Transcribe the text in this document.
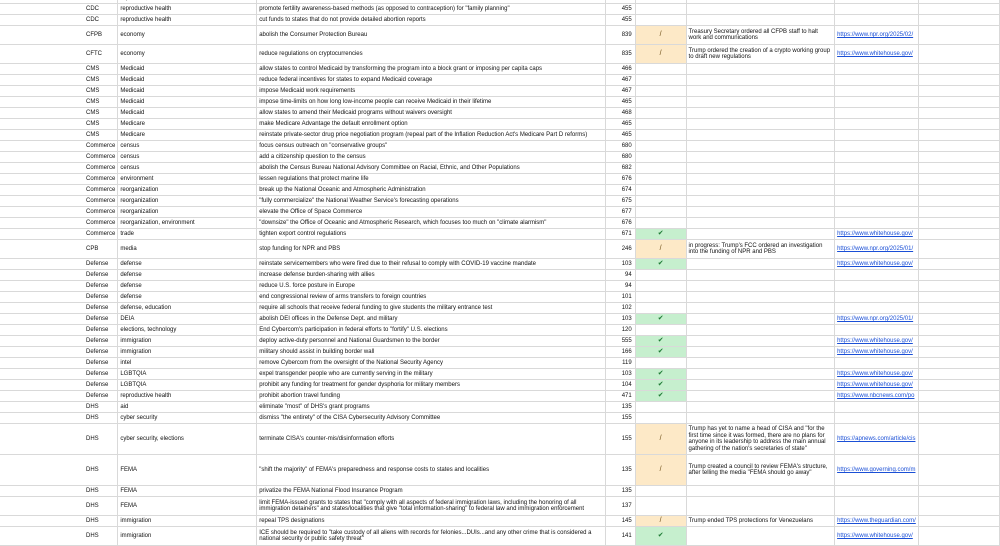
CDC	reproductive health	promote fertility awareness-based methods (as opposed to contraception) for "family planning"	455				
CDC	reproductive health	cut funds to states that do not provide detailed abortion reports	455				
CFPB	economy	abolish the Consumer Protection Bureau	839	/	Treasury Secretary ordered all CFPB staff to halt work and communications	https://www.npr.org/2025/02/	
CFTC	economy	reduce regulations on cryptocurrencies	835	/	Trump ordered the creation of a crypto working group to draft new regulations	https://www.whitehouse.gov/	
CMS	Medicaid	allow states to control Medicaid by transforming the program into a block grant or imposing per capita caps	466				
CMS	Medicaid	reduce federal incentives for states to expand Medicaid coverage	467				
CMS	Medicaid	impose Medicaid work requirements	467				
CMS	Medicaid	impose time-limits on how long low-income people can receive Medicaid in their lifetime	465				
CMS	Medicaid	allow states to amend their Medicaid programs without waivers oversight	468				
CMS	Medicare	make Medicare Advantage the default enrollment option	465				
CMS	Medicare	reinstate private-sector drug price negotiation program (repeal part of the Inflation Reduction Act's Medicare Part D reforms)	465				
Commerce	census	focus census outreach on "conservative groups"	680				
Commerce	census	add a citizenship question to the census	680				
Commerce	census	abolish the Census Bureau National Advisory Committee on Racial, Ethnic, and Other Populations	682				
Commerce	environment	lessen regulations that protect marine life	676				
Commerce	reorganization	break up the National Oceanic and Atmospheric Administration	674				
Commerce	reorganization	"fully commercialize" the National Weather Service's forecasting operations	675				
Commerce	reorganization	elevate the Office of Space Commerce	677				
Commerce	reorganization, environment	"downsize" the Office of Oceanic and Atmospheric Research, which focuses too much on "climate alarmism"	676				
Commerce	trade	tighten export control regulations	671	✔		https://www.whitehouse.gov/	
CPB	media	stop funding for NPR and PBS	246	/	in progress: Trump's FCC ordered an investigation into the funding of NPR and PBS	https://www.npr.org/2025/01/	
Defense	defense	reinstate servicemembers who were fired due to their refusal to comply with COVID-19 vaccine mandate	103	✔		https://www.whitehouse.gov/	
Defense	defense	increase defense burden-sharing with allies	94				
Defense	defense	reduce U.S. force posture in Europe	94				
Defense	defense	end congressional review of arms transfers to foreign countries	101				
Defense	defense, education	require all schools that receive federal funding to give students the military entrance test	102				
Defense	DEIA	abolish DEI offices in the Defense Dept. and military	103	✔		https://www.npr.org/2025/01/	
Defense	elections, technology	End Cybercom's participation in federal efforts to "fortify" U.S. elections	120				
Defense	immigration	deploy active-duty personnel and National Guardsmen to the border	555	✔		https://www.whitehouse.gov/	
Defense	immigration	military should assist in building border wall	166	✔		https://www.whitehouse.gov/	
Defense	intel	remove Cybercom from the oversight of the National Security Agency	119				
Defense	LGBTQIA	expel transgender people who are currently serving in the military	103	✔		https://www.whitehouse.gov/	
Defense	LGBTQIA	prohibit any funding for treatment for gender dysphoria for military members	104	✔		https://www.whitehouse.gov/	
Defense	reproductive health	prohibit abortion travel funding	471	✔		https://www.nbcnews.com/po	
DHS	aid	eliminate "most" of DHS's grant programs	135				
DHS	cyber security	dismiss "the entirety" of the CISA Cybersecurity Advisory Committee	155				
DHS	cyber security, elections	terminate CISA's counter-mis/disinformation efforts	155	/	Trump has yet to name a head of CISA and "for the first time since it was formed, there are no plans for anyone in its leadership to address the main annual gathering of the nation's secretaries of state"	https://apnews.com/article/cis	
DHS	FEMA	"shift the majority" of FEMA's preparedness and response costs to states and localities	135	/	Trump created a council to review FEMA's structure, after telling the media "FEMA should go away"	https://www.governing.com/m	
DHS	FEMA	privatize the FEMA National Flood Insurance Program	135				
DHS	FEMA	limit FEMA-issued grants to states that "comply with all aspects of federal immigration laws, including the honoring of all immigration detainers" and states/localities that give "total information-sharing" to federal law and immigration enforcement	137				
DHS	immigration	repeal TPS designations	145	/	Trump ended TPS protections for Venezuelans	https://www.theguardian.com/	
DHS	immigration	ICE should be required to "take custody of all aliens with records for felonies...DUIs...and any other crime that is considered a national security or public safety threat"	141	✔		https://www.whitehouse.gov/	
